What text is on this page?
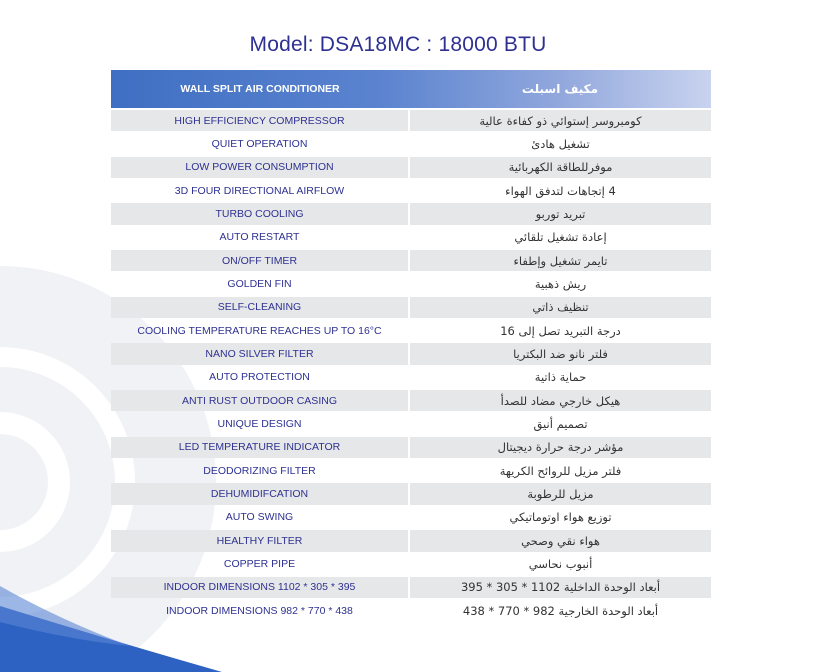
Model: DSA18MC : 18000 BTU
WALL SPLIT AIR CONDITIONER	مكيف اسبلت
HIGH EFFICIENCY COMPRESSOR	كومبروسر إستوائي ذو كفاءة عالية
QUIET OPERATION	تشغيل هادئ
LOW POWER CONSUMPTION	موفرللطاقة الكهربائية
3D FOUR DIRECTIONAL AIRFLOW	4 إتجاهات لتدفق الهواء
TURBO COOLING	تبريد توربو
AUTO RESTART	إعادة تشغيل تلقائي
ON/OFF TIMER	تايمر تشغيل وإطفاء
GOLDEN FIN	ريش ذهبية
SELF-CLEANING	تنظيف ذاتي
COOLING TEMPERATURE REACHES UP TO 16°C	درجة التبريد تصل إلى 16
NANO SILVER FILTER	فلتر نانو ضد البكتريا
AUTO PROTECTION	حماية ذاتية
ANTI RUST OUTDOOR CASING	هيكل خارجي مضاد للصدأ
UNIQUE DESIGN	تصميم أنيق
LED TEMPERATURE INDICATOR	مؤشر درجة حرارة ديجيتال
DEODORIZING FILTER	فلتر مزيل للروائح الكريهة
DEHUMIDIFCATION	مزيل للرطوبة
AUTO SWING	توزيع هواء اوتوماتيكي
HEALTHY FILTER	هواء نقي وصحي
COPPER PIPE	أنبوب نحاسي
INDOOR DIMENSIONS 1102 * 305 * 395	أبعاد الوحدة الداخلية 1102 * 305 * 395
INDOOR DIMENSIONS 982 * 770 * 438	أبعاد الوحدة الخارجية 982 * 770 * 438
